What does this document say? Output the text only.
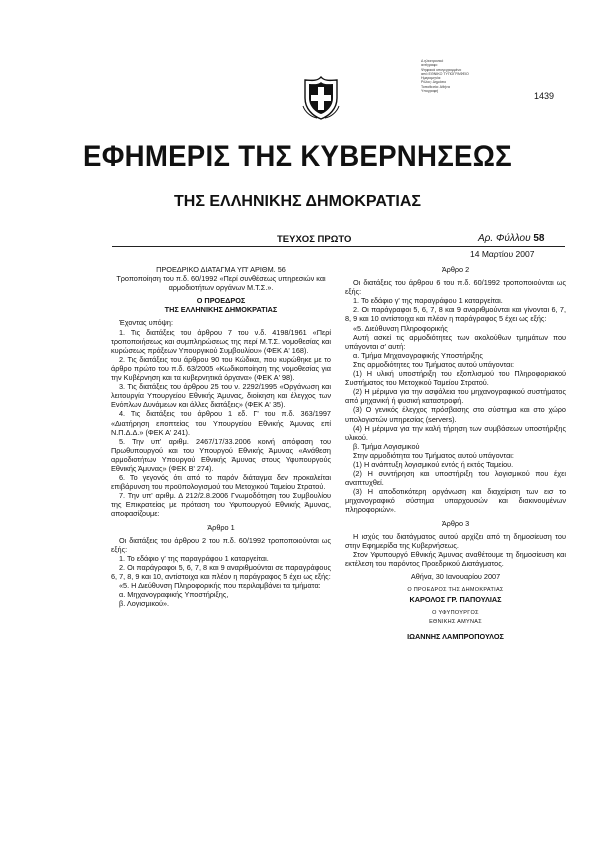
Δ ηλεκτρονικό
αντίγραφο
Ψηφιακά υπογεγραμμένο
από ΕΘΝΙΚΟ ΤΥΠΟΓΡΑΦΕΙΟ
Ημερομηνία:
Ρόλος: Δημόσιο
Τοποθεσία: Αθήνα
Υπογραφή	1439
ΕΦΗΜΕΡΙΣ ΤΗΣ ΚΥΒΕΡΝΗΣΕΩΣ
ΤΗΣ ΕΛΛΗΝΙΚΗΣ ΔΗΜΟΚΡΑΤΙΑΣ
ΤΕΥΧΟΣ ΠΡΩΤΟ	Αρ. Φύλλου 58
14 Μαρτίου 2007

ΠΡΟΕΔΡΙΚΟ ΔΙΑΤΑΓΜΑ ΥΠ' ΑΡΙΘΜ. 56

Τροποποίηση του π.δ. 60/1992 «Περί συνθέσεως υπηρεσιών και αρμοδιοτήτων οργάνων Μ.Τ.Σ.».

Ο ΠΡΟΕΔΡΟΣ

ΤΗΣ ΕΛΛΗΝΙΚΗΣ ΔΗΜΟΚΡΑΤΙΑΣ

Έχοντας υπόψη:

1. Τις διατάξεις του άρθρου 7 του ν.δ. 4198/1961 «Περί τροποποιήσεως και συμπληρώσεως της περί Μ.Τ.Σ. νομοθεσίας και κυρώσεως πράξεων Υπουργικού Συμβουλίου» (ΦΕΚ Α' 168).

2. Τις διατάξεις του άρθρου 90 του Κώδικα, που κυρώθηκε με το άρθρο πρώτο του π.δ. 63/2005 «Κωδικοποίηση της νομοθεσίας για την Κυβέρνηση και τα κυβερνητικά όργανα» (ΦΕΚ Α' 98).

3. Τις διατάξεις του άρθρου 25 του ν. 2292/1995 «Οργάνωση και λειτουργία Υπουργείου Εθνικής Άμυνας, διοίκηση και έλεγχος των Ενόπλων Δυνάμεων και άλλες διατάξεις» (ΦΕΚ Α' 35).

4. Τις διατάξεις του άρθρου 1 εδ. Γ' του π.δ. 363/1997 «Διατήρηση εποπτείας του Υπουργείου Εθνικής Άμυνας επί Ν.Π.Δ.Δ.» (ΦΕΚ Α' 241).

5. Την υπ' αριθμ. 2467/17/33.2006 κοινή απόφαση του Πρωθυπουργού και του Υπουργού Εθνικής Άμυνας «Ανάθεση αρμοδιοτήτων Υπουργού Εθνικής Άμυνας στους Υφυπουργούς Εθνικής Άμυνας» (ΦΕΚ Β' 274).

6. Το γεγονός ότι από το παρόν διάταγμα δεν προκαλείται επιβάρυνση του προϋπολογισμού του Μετοχικού Ταμείου Στρατού.

7. Την υπ' αριθμ. Δ 212/2.8.2006 Γνωμοδότηση του Συμβουλίου της Επικρατείας με πρόταση του Υφυπουργού Εθνικής Άμυνας, αποφασίζουμε:

Άρθρο 1

Οι διατάξεις του άρθρου 2 του π.δ. 60/1992 τροποποιούνται ως εξής:

1. Το εδάφιο γ' της παραγράφου 1 καταργείται.

2. Οι παράγραφοι 5, 6, 7, 8 και 9 αναριθμούνται σε παραγράφους 6, 7, 8, 9 και 10, αντίστοιχα και πλέον η παράγραφος 5 έχει ως εξής:

«5. Η Διεύθυνση Πληροφορικής που περιλαμβάνει τα τμήματα:

α. Μηχανογραφικής Υποστήριξης,

β. Λογισμικού».

Άρθρο 2

Οι διατάξεις του άρθρου 6 του π.δ. 60/1992 τροποποιούνται ως εξής:

1. Το εδάφιο γ' της παραγράφου 1 καταργείται.

2. Οι παράγραφοι 5, 6, 7, 8 και 9 αναριθμούνται και γίνονται 6, 7, 8, 9 και 10 αντίστοιχα και πλέον η παράγραφος 5 έχει ως εξής:

«5. Διεύθυνση Πληροφορικής

Αυτή ασκεί τις αρμοδιότητες των ακολούθων τμημάτων που υπάγονται σ' αυτή:

α. Τμήμα Μηχανογραφικής Υποστήριξης

Στις αρμοδιότητες του Τμήματος αυτού υπάγονται:

(1) Η υλική υποστήριξη του εξοπλισμού του Πληροφοριακού Συστήματος του Μετοχικού Ταμείου Στρατού.

(2) Η μέριμνα για την ασφάλεια του μηχανογραφικού συστήματος από μηχανική ή φυσική καταστροφή.

(3) Ο γενικός έλεγχος πρόσβασης στο σύστημα και στο χώρο υπολογιστών υπηρεσίας (servers).

(4) Η μέριμνα για την καλή τήρηση των συμβάσεων υποστήριξης υλικού.

β. Τμήμα Λογισμικού

Στην αρμοδιότητα του Τμήματος αυτού υπάγονται:

(1) Η ανάπτυξη λογισμικού εντός ή εκτός Ταμείου.

(2) Η συντήρηση και υποστήριξη του λογισμικού που έχει αναπτυχθεί.

(3) Η αποδοτικότερη οργάνωση και διαχείριση των εισ το μηχανογραφικό σύστημα υπαρχουσών και διακινουμένων πληροφοριών».

Άρθρο 3

Η ισχύς του διατάγματος αυτού αρχίζει από τη δημοσίευση του στην Εφημερίδα της Κυβερνήσεως.

Στον Υφυπουργό Εθνικής Άμυνας αναθέτουμε τη δημοσίευση και εκτέλεση του παρόντος Προεδρικού Διατάγματος.

Αθήνα, 30 Ιανουαρίου 2007

Ο ΠΡΟΕΔΡΟΣ ΤΗΣ ΔΗΜΟΚΡΑΤΙΑΣ

ΚΑΡΟΛΟΣ ΓΡ. ΠΑΠΟΥΛΙΑΣ

Ο ΥΦΥΠΟΥΡΓΟΣ

ΕΘΝΙΚΗΣ ΑΜΥΝΑΣ

ΙΩΑΝΝΗΣ ΛΑΜΠΡΟΠΟΥΛΟΣ
